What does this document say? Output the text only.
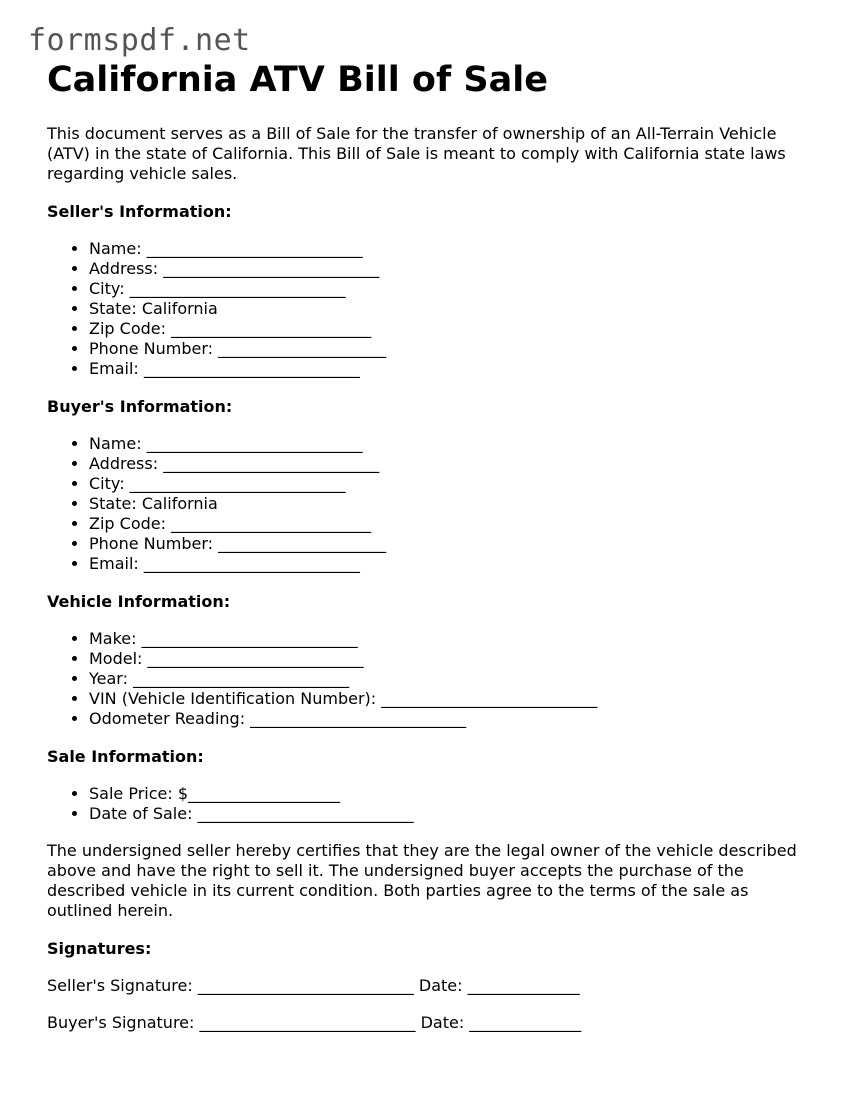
formspdf.net
California ATV Bill of Sale

This document serves as a Bill of Sale for the transfer of ownership of an All-Terrain Vehicle (ATV) in the state of California. This Bill of Sale is meant to comply with California state laws regarding vehicle sales.

Seller's Information:
• Name: ___________________________
• Address: ___________________________
• City: ___________________________
• State: California
• Zip Code: _________________________
• Phone Number: _____________________
• Email: ___________________________
Buyer's Information:
• Name: ___________________________
• Address: ___________________________
• City: ___________________________
• State: California
• Zip Code: _________________________
• Phone Number: _____________________
• Email: ___________________________
Vehicle Information:
• Make: ___________________________
• Model: ___________________________
• Year: ___________________________
• VIN (Vehicle Identification Number): ___________________________
• Odometer Reading: ___________________________
Sale Information:
• Sale Price: $___________________
• Date of Sale: ___________________________

The undersigned seller hereby certifies that they are the legal owner of the vehicle described above and have the right to sell it. The undersigned buyer accepts the purchase of the described vehicle in its current condition. Both parties agree to the terms of the sale as outlined herein.

Signatures:

Seller's Signature: ___________________________ Date: ______________

Buyer's Signature: ___________________________ Date: ______________
